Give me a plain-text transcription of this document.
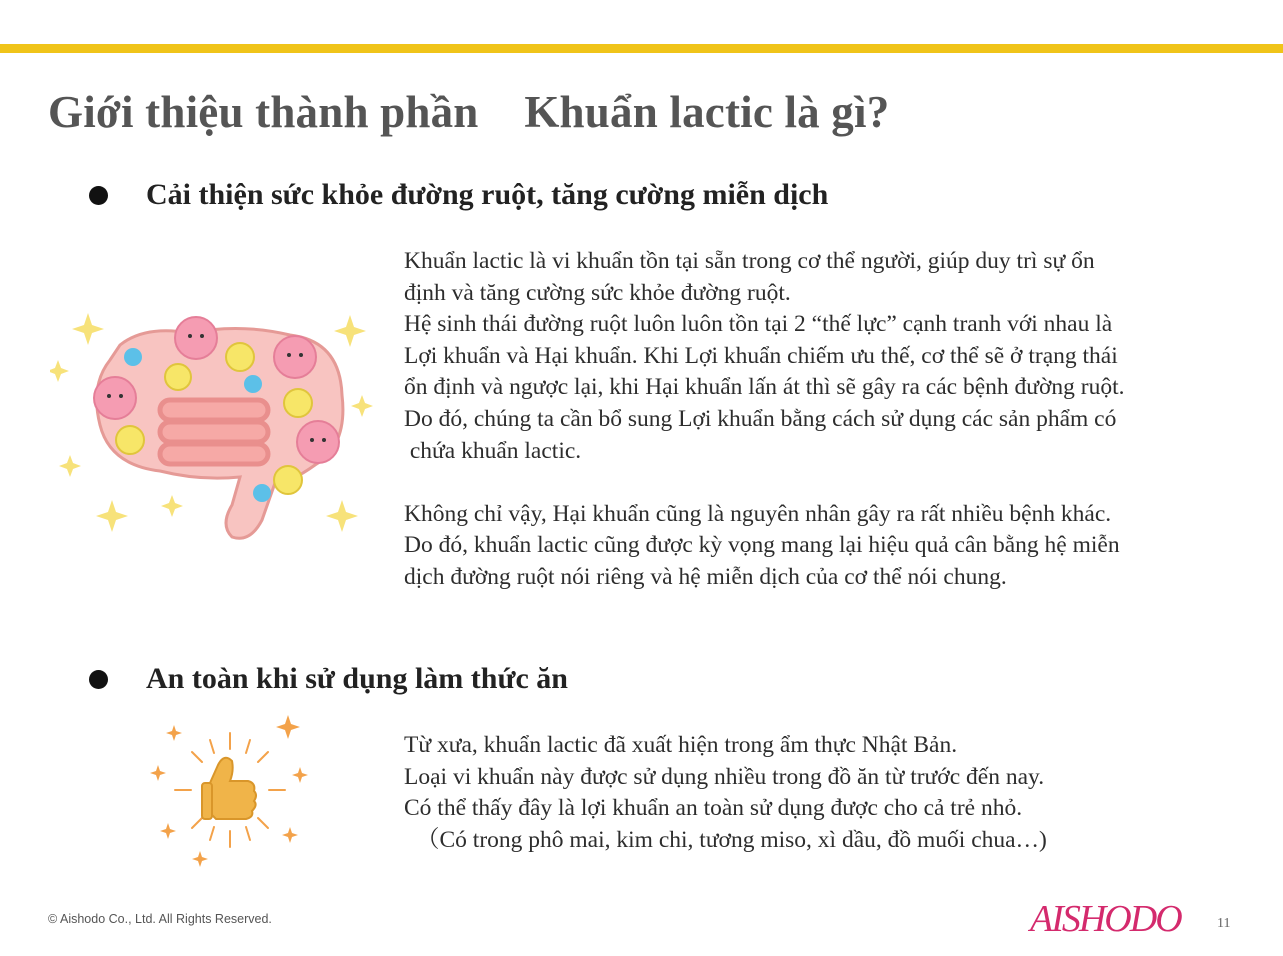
Giới thiệu thành phần    Khuẩn lactic là gì?
Cải thiện sức khỏe đường ruột, tăng cường miễn dịch
Khuẩn lactic là vi khuẩn tồn tại sẵn trong cơ thể người, giúp duy trì sự ổn
định và tăng cường sức khỏe đường ruột.
Hệ sinh thái đường ruột luôn luôn tồn tại 2 “thế lực” cạnh tranh với nhau là
Lợi khuẩn và Hại khuẩn. Khi Lợi khuẩn chiếm ưu thế, cơ thể sẽ ở trạng thái
ổn định và ngược lại, khi Hại khuẩn lấn át thì sẽ gây ra các bệnh đường ruột.
Do đó, chúng ta cần bổ sung Lợi khuẩn bằng cách sử dụng các sản phẩm có
chứa khuẩn lactic.
Không chỉ vậy, Hại khuẩn cũng là nguyên nhân gây ra rất nhiều bệnh khác.
Do đó, khuẩn lactic cũng được kỳ vọng mang lại hiệu quả cân bằng hệ miễn
dịch đường ruột nói riêng và hệ miễn dịch của cơ thể nói chung.
An toàn khi sử dụng làm thức ăn
Từ xưa, khuẩn lactic đã xuất hiện trong ẩm thực Nhật Bản.
Loại vi khuẩn này được sử dụng nhiều trong đồ ăn từ trước đến nay.
Có thể thấy đây là lợi khuẩn an toàn sử dụng được cho cả trẻ nhỏ.
（Có trong phô mai, kim chi, tương miso, xì dầu, đồ muối chua…)
© Aishodo Co., Ltd. All Rights Reserved.	AISHODO	11
